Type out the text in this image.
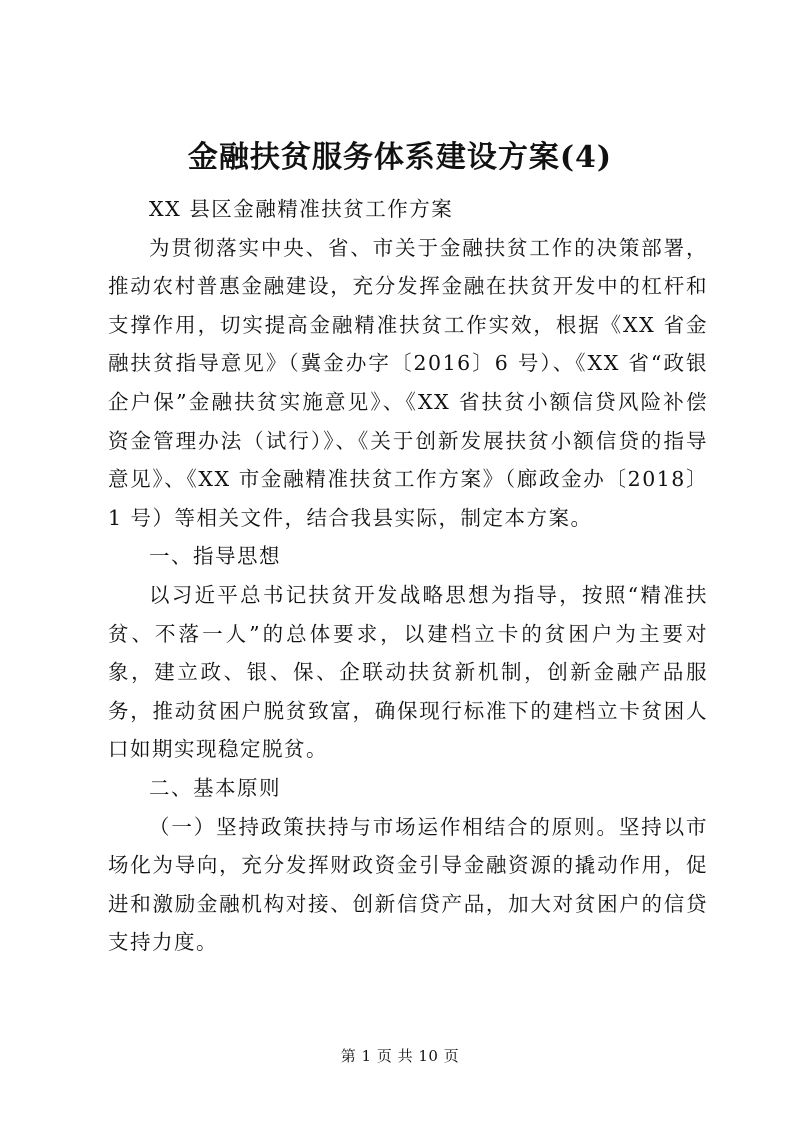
金融扶贫服务体系建设方案(4)

XX 县区金融精准扶贫工作方案

为贯彻落实中央、省、市关于金融扶贫工作的决策部署，推动农村普惠金融建设，充分发挥金融在扶贫开发中的杠杆和支撑作用，切实提高金融精准扶贫工作实效，根据《XX 省金融扶贫指导意见》（冀金办字〔2016〕6 号）、《XX 省“政银企户保”金融扶贫实施意见》、《XX 省扶贫小额信贷风险补偿资金管理办法（试行）》、《关于创新发展扶贫小额信贷的指导意见》、《XX 市金融精准扶贫工作方案》（廊政金办〔2018〕1 号）等相关文件，结合我县实际，制定本方案。

一、指导思想

以习近平总书记扶贫开发战略思想为指导，按照“精准扶贫、不落一人”的总体要求，以建档立卡的贫困户为主要对象，建立政、银、保、企联动扶贫新机制，创新金融产品服务，推动贫困户脱贫致富，确保现行标准下的建档立卡贫困人口如期实现稳定脱贫。

二、基本原则

（一）坚持政策扶持与市场运作相结合的原则。坚持以市场化为导向，充分发挥财政资金引导金融资源的撬动作用，促进和激励金融机构对接、创新信贷产品，加大对贫困户的信贷支持力度。

第 1 页 共 10 页
